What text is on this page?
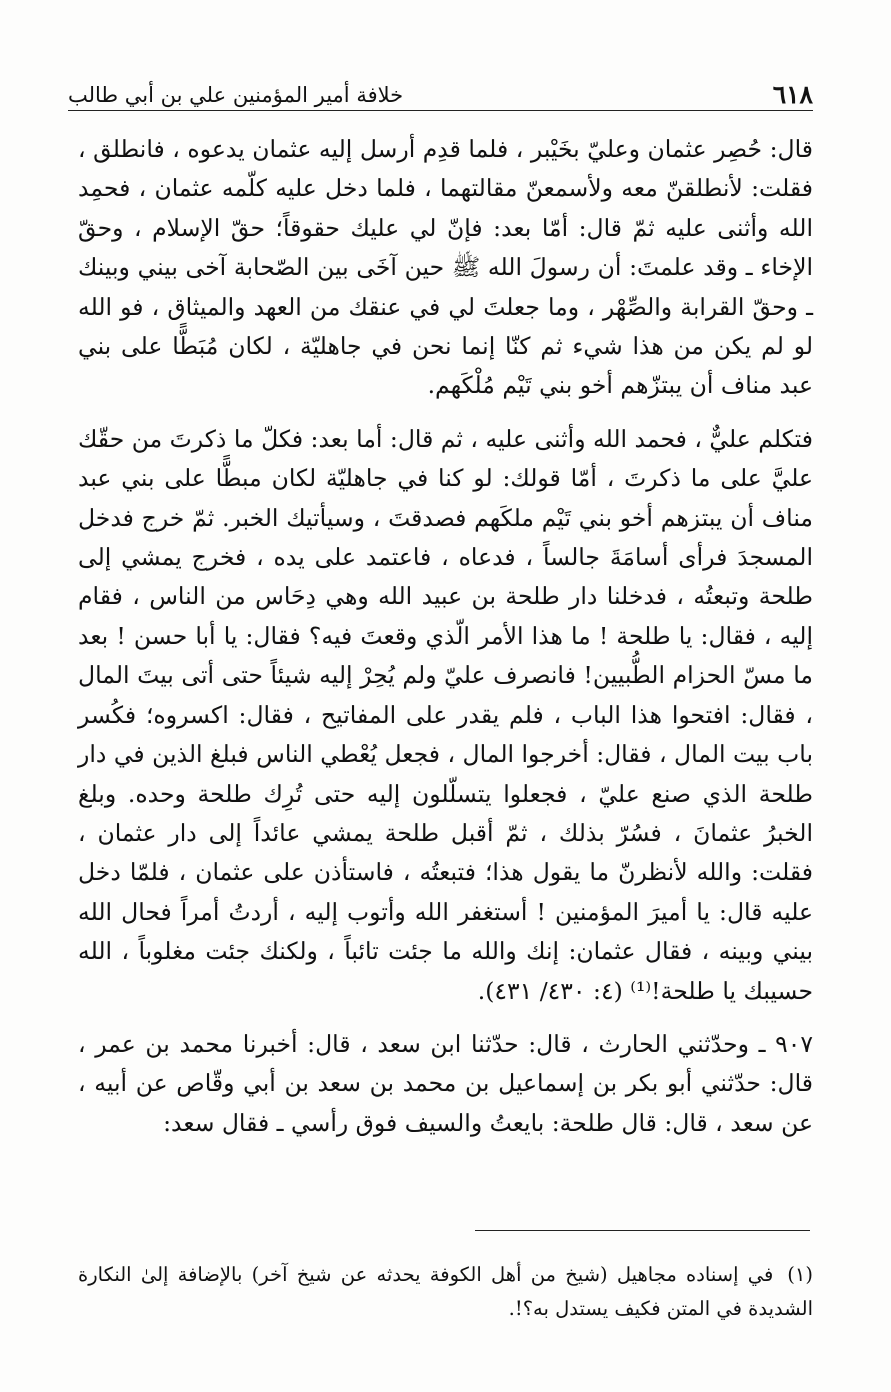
٦١٨
خلافة أمير المؤمنين علي بن أبي طالب

قال: حُصِر عثمان وعليّ بخَيْبر ، فلما قدِم أرسل إليه عثمان يدعوه ، فانطلق ، فقلت: لأنطلقنّ معه ولأسمعنّ مقالتهما ، فلما دخل عليه كلّمه عثمان ، فحمِد الله وأثنى عليه ثمّ قال: أمّا بعد: فإنّ لي عليك حقوقاً؛ حقّ الإسلام ، وحقّ الإخاء ـ وقد علمتَ: أن رسولَ الله ﷺ حين آخَى بين الصّحابة آخى بيني وبينك ـ وحقّ القرابة والصِّهْر ، وما جعلتَ لي في عنقك من العهد والميثاق ، فو الله لو لم يكن من هذا شيء ثم كنّا إنما نحن في جاهليّة ، لكان مُبَطًّا على بني عبد مناف أن يبتزّهم أخو بني تَيْم مُلْكَهم.

فتكلم عليٌّ ، فحمد الله وأثنى عليه ، ثم قال: أما بعد: فكلّ ما ذكرتَ من حقّك عليَّ على ما ذكرتَ ، أمّا قولك: لو كنا في جاهليّة لكان مبطًّا على بني عبد مناف أن يبتزهم أخو بني تَيْم ملكَهم فصدقتَ ، وسيأتيك الخبر. ثمّ خرج فدخل المسجدَ فرأى أسامَةَ جالساً ، فدعاه ، فاعتمد على يده ، فخرج يمشي إلى طلحة وتبعتُه ، فدخلنا دار طلحة بن عبيد الله وهي دِحَاس من الناس ، فقام إليه ، فقال: يا طلحة ! ما هذا الأمر الّذي وقعتَ فيه؟ فقال: يا أبا حسن ! بعد ما مسّ الحزام الطُّبيين! فانصرف عليّ ولم يُحِرْ إليه شيئاً حتى أتى بيتَ المال ، فقال: افتحوا هذا الباب ، فلم يقدر على المفاتيح ، فقال: اكسروه؛ فكُسر باب بيت المال ، فقال: أخرجوا المال ، فجعل يُعْطي الناس فبلغ الذين في دار طلحة الذي صنع عليّ ، فجعلوا يتسلّلون إليه حتى تُرِك طلحة وحده. وبلغ الخبرُ عثمانَ ، فسُرّ بذلك ، ثمّ أقبل طلحة يمشي عائداً إلى دار عثمان ، فقلت: والله لأنظرنّ ما يقول هذا؛ فتبعتُه ، فاستأذن على عثمان ، فلمّا دخل عليه قال: يا أميرَ المؤمنين ! أستغفر الله وأتوب إليه ، أردتُ أمراً فحال الله بيني وبينه ، فقال عثمان: إنك والله ما جئت تائباً ، ولكنك جئت مغلوباً ، الله حسيبك يا طلحة!⁽¹⁾ (٤: ٤٣٠/ ٤٣١).

٩٠٧ ـ وحدّثني الحارث ، قال: حدّثنا ابن سعد ، قال: أخبرنا محمد بن عمر ، قال: حدّثني أبو بكر بن إسماعيل بن محمد بن سعد بن أبي وقّاص عن أبيه ، عن سعد ، قال: قال طلحة: بايعتُ والسيف فوق رأسي ـ فقال سعد:

(١)في إسناده مجاهيل (شيخ من أهل الكوفة يحدثه عن شيخ آخر) بالإضافة إلىٰ النكارة الشديدة في المتن فكيف يستدل به؟!.
